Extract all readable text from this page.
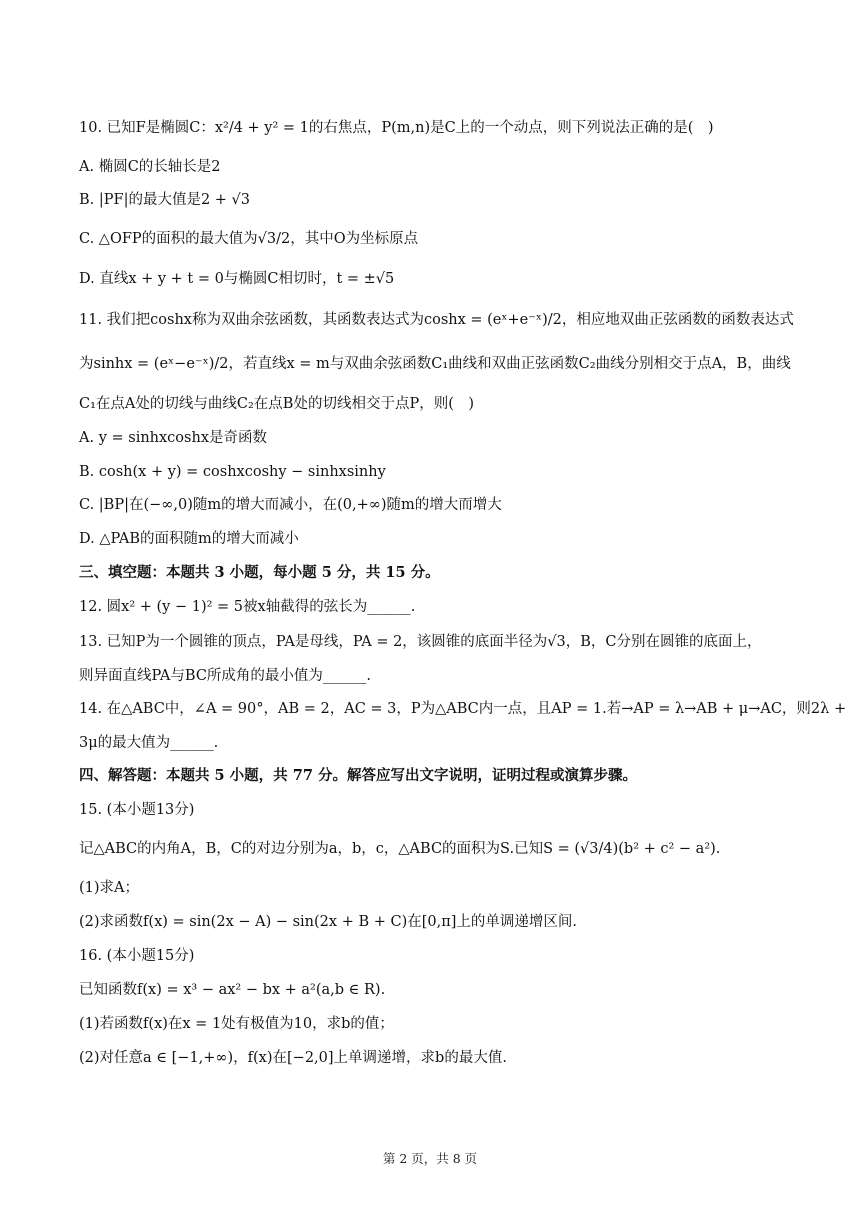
10. 已知F是椭圆C：x²/4 + y² = 1的右焦点，P(m,n)是C上的一个动点，则下列说法正确的是(　)
A. 椭圆C的长轴长是2
B. |PF|的最大值是2 + √3
C. △OFP的面积的最大值为√3/2，其中O为坐标原点
D. 直线x + y + t = 0与椭圆C相切时，t = ±√5
11. 我们把coshx称为双曲余弦函数，其函数表达式为coshx = (eˣ+e⁻ˣ)/2，相应地双曲正弦函数的函数表达式
为sinhx = (eˣ−e⁻ˣ)/2，若直线x = m与双曲余弦函数C₁曲线和双曲正弦函数C₂曲线分别相交于点A，B，曲线
C₁在点A处的切线与曲线C₂在点B处的切线相交于点P，则(　)
A. y = sinhxcoshx是奇函数
B. cosh(x + y) = coshxcoshy − sinhxsinhy
C. |BP|在(−∞,0)随m的增大而减小，在(0,+∞)随m的增大而增大
D. △PAB的面积随m的增大而减小
三、填空题：本题共 3 小题，每小题 5 分，共 15 分。
12. 圆x² + (y − 1)² = 5被x轴截得的弦长为______.
13. 已知P为一个圆锥的顶点，PA是母线，PA = 2，该圆锥的底面半径为√3，B，C分别在圆锥的底面上，
则异面直线PA与BC所成角的最小值为______.
14. 在△ABC中，∠A = 90°，AB = 2，AC = 3，P为△ABC内一点，且AP = 1.若→AP = λ→AB + μ→AC，则2λ +
3μ的最大值为______.
四、解答题：本题共 5 小题，共 77 分。解答应写出文字说明，证明过程或演算步骤。
15. (本小题13分)
记△ABC的内角A，B，C的对边分别为a，b，c，△ABC的面积为S.已知S = (√3/4)(b² + c² − a²).
(1)求A；
(2)求函数f(x) = sin(2x − A) − sin(2x + B + C)在[0,π]上的单调递增区间.
16. (本小题15分)
已知函数f(x) = x³ − ax² − bx + a²(a,b ∈ R).
(1)若函数f(x)在x = 1处有极值为10，求b的值；
(2)对任意a ∈ [−1,+∞)，f(x)在[−2,0]上单调递增，求b的最大值.
第 2 页，共 8 页
